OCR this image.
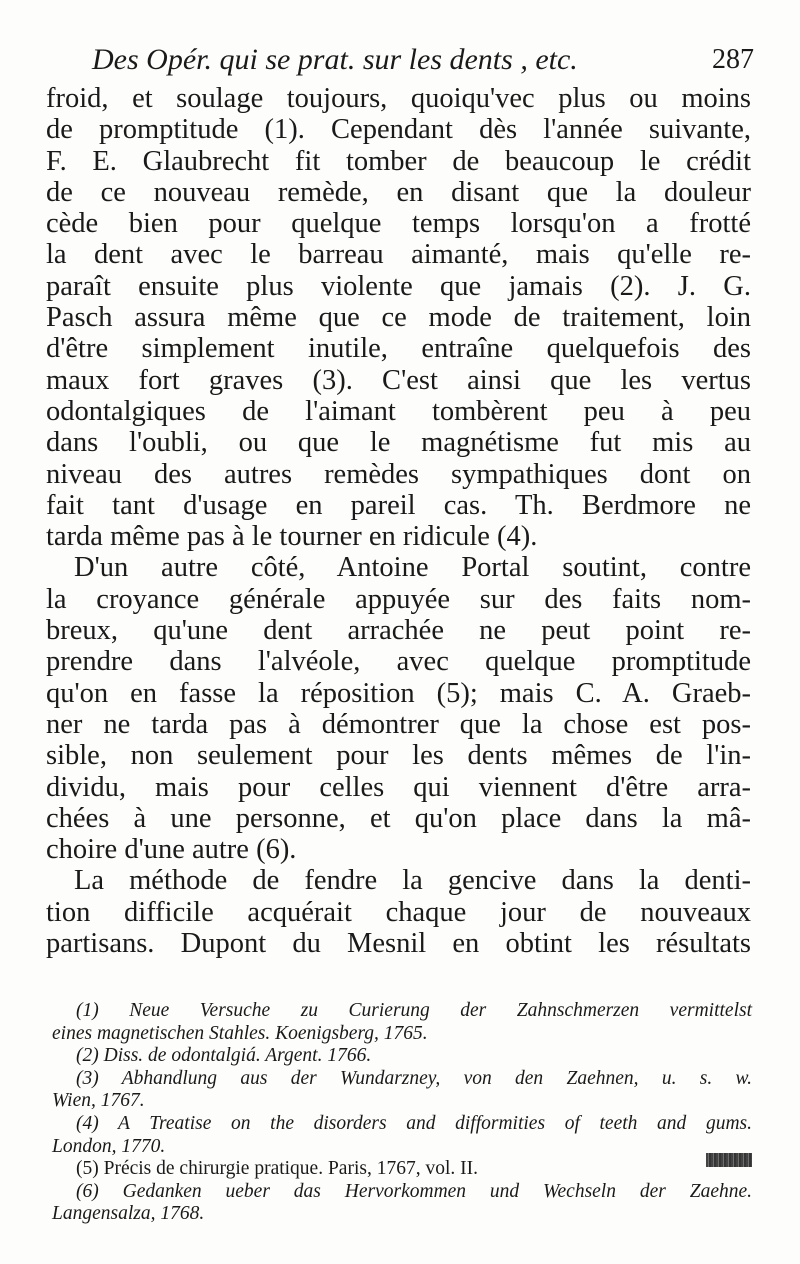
Des Opér. qui se prat. sur les dents , etc.	287
froid, et soulage toujours, quoiqu'vec plus ou moins
de promptitude (1). Cependant dès l'année suivante,
F. E. Glaubrecht fit tomber de beaucoup le crédit
de ce nouveau remède, en disant que la douleur
cède bien pour quelque temps lorsqu'on a frotté
la dent avec le barreau aimanté, mais qu'elle re-
paraît ensuite plus violente que jamais (2). J. G.
Pasch assura même que ce mode de traitement, loin
d'être simplement inutile, entraîne quelquefois des
maux fort graves (3). C'est ainsi que les vertus
odontalgiques de l'aimant tombèrent peu à peu
dans l'oubli, ou que le magnétisme fut mis au
niveau des autres remèdes sympathiques dont on
fait tant d'usage en pareil cas. Th. Berdmore ne
tarda même pas à le tourner en ridicule (4).
D'un autre côté, Antoine Portal soutint, contre
la croyance générale appuyée sur des faits nom-
breux, qu'une dent arrachée ne peut point re-
prendre dans l'alvéole, avec quelque promptitude
qu'on en fasse la réposition (5); mais C. A. Graeb-
ner ne tarda pas à démontrer que la chose est pos-
sible, non seulement pour les dents mêmes de l'in-
dividu, mais pour celles qui viennent d'être arra-
chées à une personne, et qu'on place dans la mâ-
choire d'une autre (6).
La méthode de fendre la gencive dans la denti-
tion difficile acquérait chaque jour de nouveaux
partisans. Dupont du Mesnil en obtint les résultats
(1) Neue Versuche zu Curierung der Zahnschmerzen vermittelst
eines magnetischen Stahles. Koenigsberg, 1765.
(2) Diss. de odontalgiá. Argent. 1766.
(3) Abhandlung aus der Wundarzney, von den Zaehnen, u. s. w.
Wien, 1767.
(4) A Treatise on the disorders and difformities of teeth and gums.
London, 1770.
(5) Précis de chirurgie pratique. Paris, 1767, vol. II.
(6) Gedanken ueber das Hervorkommen und Wechseln der Zaehne.
Langensalza, 1768.
